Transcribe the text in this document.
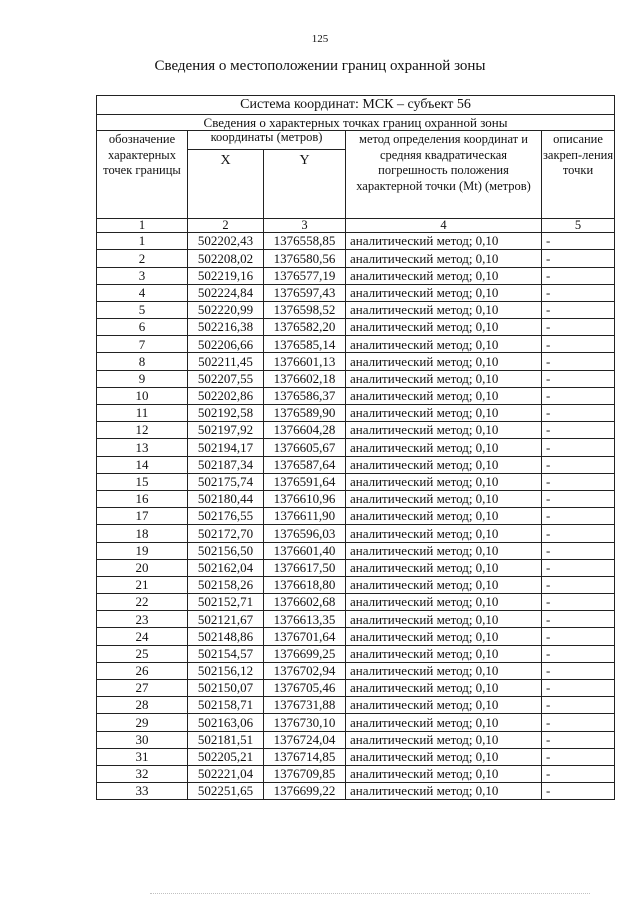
125
Сведения о местоположении границ охранной зоны
Система координат: МСК – субъект 56				
Сведения о характерных точках границ охранной зоны				
обозначение характерных точек границы	координаты (метров)		метод определения координат и средняя квадратическая погрешность положения характерной точки (Mt) (метров)	описание закреп-ления точки
	X	Y		
1	2	3	4	5
1	502202,43	1376558,85	аналитический метод; 0,10	-
2	502208,02	1376580,56	аналитический метод; 0,10	-
3	502219,16	1376577,19	аналитический метод; 0,10	-
4	502224,84	1376597,43	аналитический метод; 0,10	-
5	502220,99	1376598,52	аналитический метод; 0,10	-
6	502216,38	1376582,20	аналитический метод; 0,10	-
7	502206,66	1376585,14	аналитический метод; 0,10	-
8	502211,45	1376601,13	аналитический метод; 0,10	-
9	502207,55	1376602,18	аналитический метод; 0,10	-
10	502202,86	1376586,37	аналитический метод; 0,10	-
11	502192,58	1376589,90	аналитический метод; 0,10	-
12	502197,92	1376604,28	аналитический метод; 0,10	-
13	502194,17	1376605,67	аналитический метод; 0,10	-
14	502187,34	1376587,64	аналитический метод; 0,10	-
15	502175,74	1376591,64	аналитический метод; 0,10	-
16	502180,44	1376610,96	аналитический метод; 0,10	-
17	502176,55	1376611,90	аналитический метод; 0,10	-
18	502172,70	1376596,03	аналитический метод; 0,10	-
19	502156,50	1376601,40	аналитический метод; 0,10	-
20	502162,04	1376617,50	аналитический метод; 0,10	-
21	502158,26	1376618,80	аналитический метод; 0,10	-
22	502152,71	1376602,68	аналитический метод; 0,10	-
23	502121,67	1376613,35	аналитический метод; 0,10	-
24	502148,86	1376701,64	аналитический метод; 0,10	-
25	502154,57	1376699,25	аналитический метод; 0,10	-
26	502156,12	1376702,94	аналитический метод; 0,10	-
27	502150,07	1376705,46	аналитический метод; 0,10	-
28	502158,71	1376731,88	аналитический метод; 0,10	-
29	502163,06	1376730,10	аналитический метод; 0,10	-
30	502181,51	1376724,04	аналитический метод; 0,10	-
31	502205,21	1376714,85	аналитический метод; 0,10	-
32	502221,04	1376709,85	аналитический метод; 0,10	-
33	502251,65	1376699,22	аналитический метод; 0,10	-
